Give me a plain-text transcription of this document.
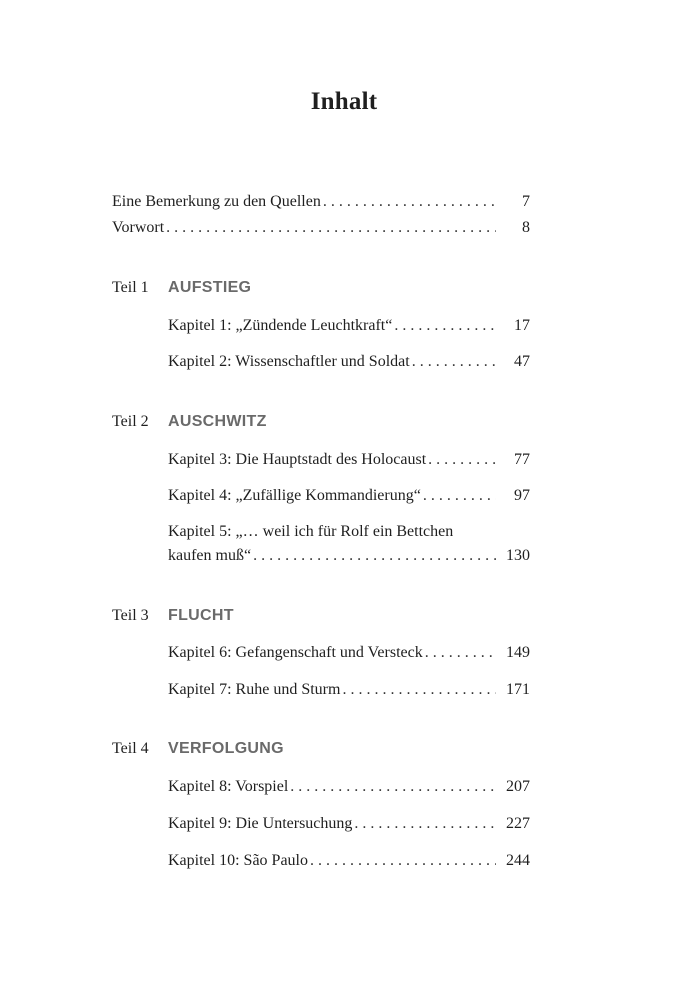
Inhalt
Eine Bemerkung zu den Quellen . . .	7
Vorwort . . .	8
Teil 1 AUFSTIEG
Kapitel 1: „Zündende Leuchtkraft“ . . .	17
Kapitel 2: Wissenschaftler und Soldat . . .	47
Teil 2 AUSCHWITZ
Kapitel 3: Die Hauptstadt des Holocaust . . .	77
Kapitel 4: „Zufällige Kommandierung“ . . .	97
Kapitel 5: „… weil ich für Rolf ein Bettchen
kaufen muß“ . . .	130
Teil 3 FLUCHT
Kapitel 6: Gefangenschaft und Versteck . . .	149
Kapitel 7: Ruhe und Sturm . . .	171
Teil 4 VERFOLGUNG
Kapitel 8: Vorspiel . . .	207
Kapitel 9: Die Untersuchung . . .	227
Kapitel 10: São Paulo . . .	244
